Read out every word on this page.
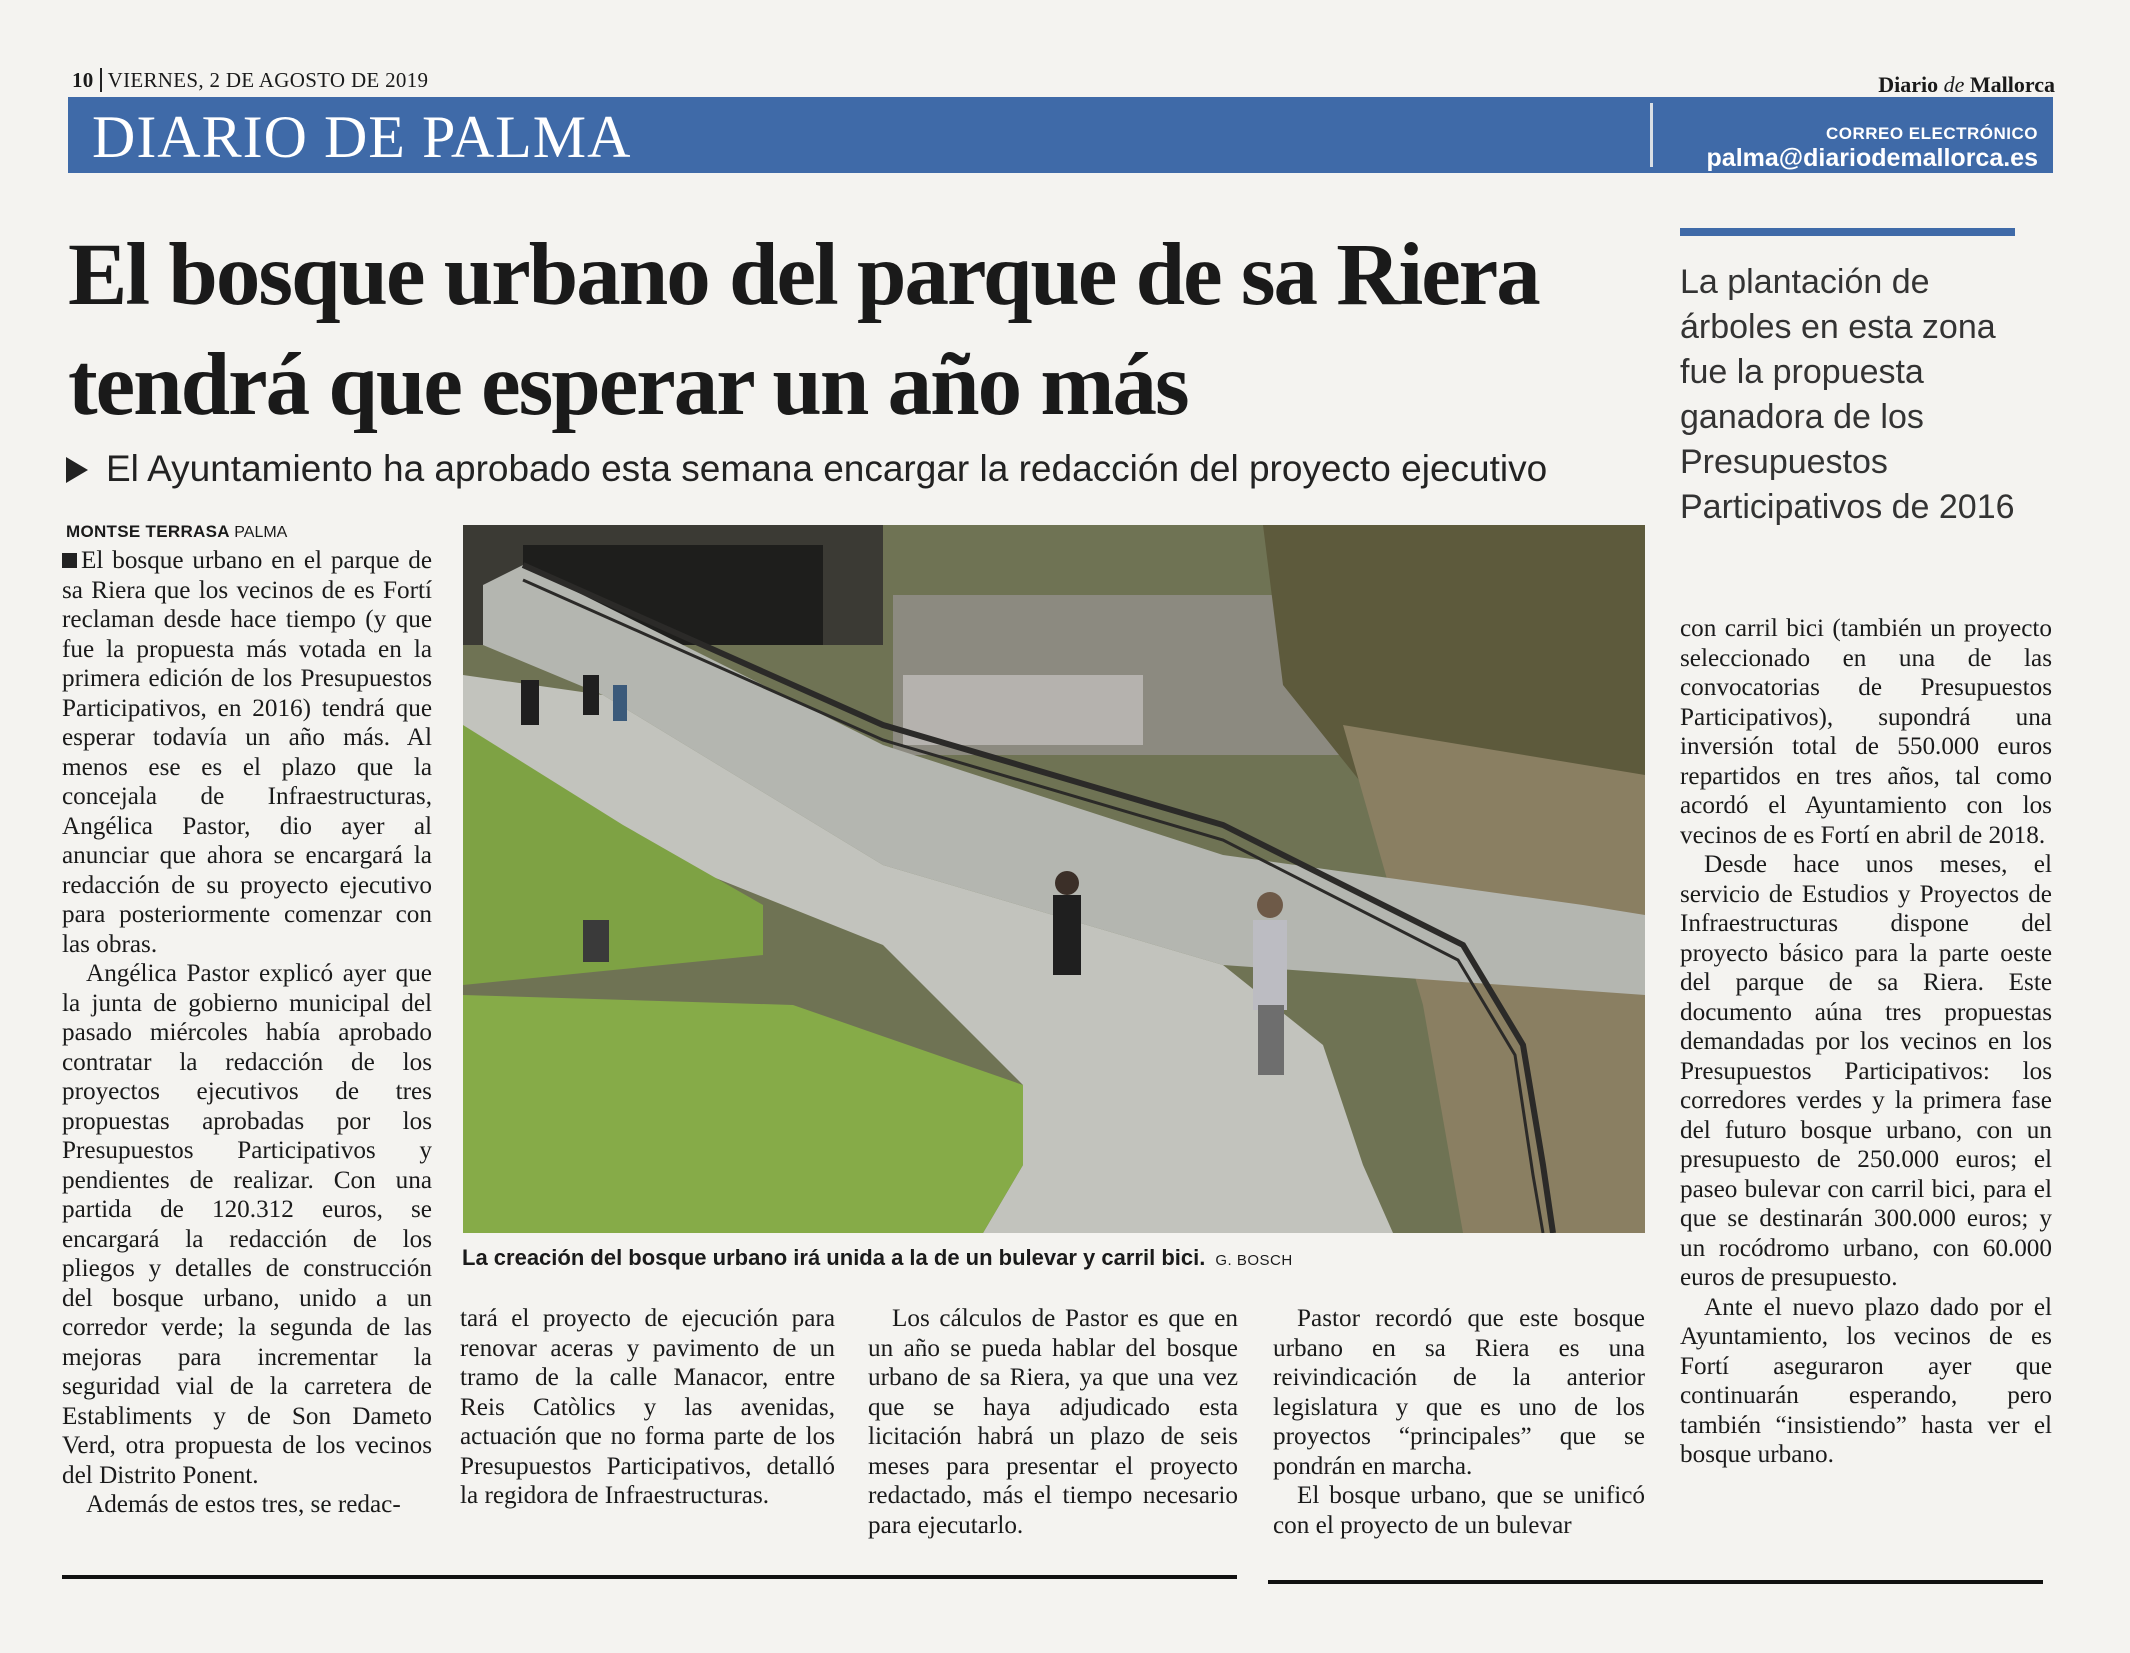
10 VIERNES, 2 DE AGOSTO DE 2019	Diario de Mallorca
DIARIO DE PALMA	CORREO ELECTRÓNICO
palma@diariodemallorca.es
El bosque urbano del parque de sa Riera tendrá que esperar un año más
La plantación de árboles en esta zona fue la propuesta ganadora de los Presupuestos Participativos de 2016
El Ayuntamiento ha aprobado esta semana encargar la redacción del proyecto ejecutivo
MONTSE TERRASA PALMA

El bosque urbano en el parque de sa Riera que los vecinos de es Fortí reclaman desde hace tiempo (y que fue la propuesta más votada en la primera edición de los Presupuestos Participativos, en 2016) tendrá que esperar todavía un año más. Al menos ese es el plazo que la concejala de Infraestructuras, Angélica Pastor, dio ayer al anunciar que ahora se encargará la redacción de su proyecto ejecutivo para posteriormente comenzar con las obras.

Angélica Pastor explicó ayer que la junta de gobierno municipal del pasado miércoles había aprobado contratar la redacción de los proyectos ejecutivos de tres propuestas aprobadas por los Presupuestos Participativos y pendientes de realizar. Con una partida de 120.312 euros, se encargará la redacción de los pliegos y detalles de construcción del bosque urbano, unido a un corredor verde; la segunda de las mejoras para incrementar la seguridad vial de la carretera de Establiments y de Son Dameto Verd, otra propuesta de los vecinos del Distrito Ponent.

Además de estos tres, se redac-

La creación del bosque urbano irá unida a la de un bulevar y carril bici. G. BOSCH

tará el proyecto de ejecución para renovar aceras y pavimento de un tramo de la calle Manacor, entre Reis Catòlics y las avenidas, actuación que no forma parte de los Presupuestos Participativos, detalló la regidora de Infraestructuras.

Los cálculos de Pastor es que en un año se pueda hablar del bosque urbano de sa Riera, ya que una vez que se haya adjudicado esta licitación habrá un plazo de seis meses para presentar el proyecto redactado, más el tiempo necesario para ejecutarlo.

Pastor recordó que este bosque urbano en sa Riera es una reivindicación de la anterior legislatura y que es uno de los proyectos “principales” que se pondrán en marcha.

El bosque urbano, que se unificó con el proyecto de un bulevar

con carril bici (también un proyecto seleccionado en una de las convocatorias de Presupuestos Participativos), supondrá una inversión total de 550.000 euros repartidos en tres años, tal como acordó el Ayuntamiento con los vecinos de es Fortí en abril de 2018.

Desde hace unos meses, el servicio de Estudios y Proyectos de Infraestructuras dispone del proyecto básico para la parte oeste del parque de sa Riera. Este documento aúna tres propuestas demandadas por los vecinos en los Presupuestos Participativos: los corredores verdes y la primera fase del futuro bosque urbano, con un presupuesto de 250.000 euros; el paseo bulevar con carril bici, para el que se destinarán 300.000 euros; y un rocódromo urbano, con 60.000 euros de presupuesto.

Ante el nuevo plazo dado por el Ayuntamiento, los vecinos de es Fortí aseguraron ayer que continuarán esperando, pero también “insistiendo” hasta ver el bosque urbano.
